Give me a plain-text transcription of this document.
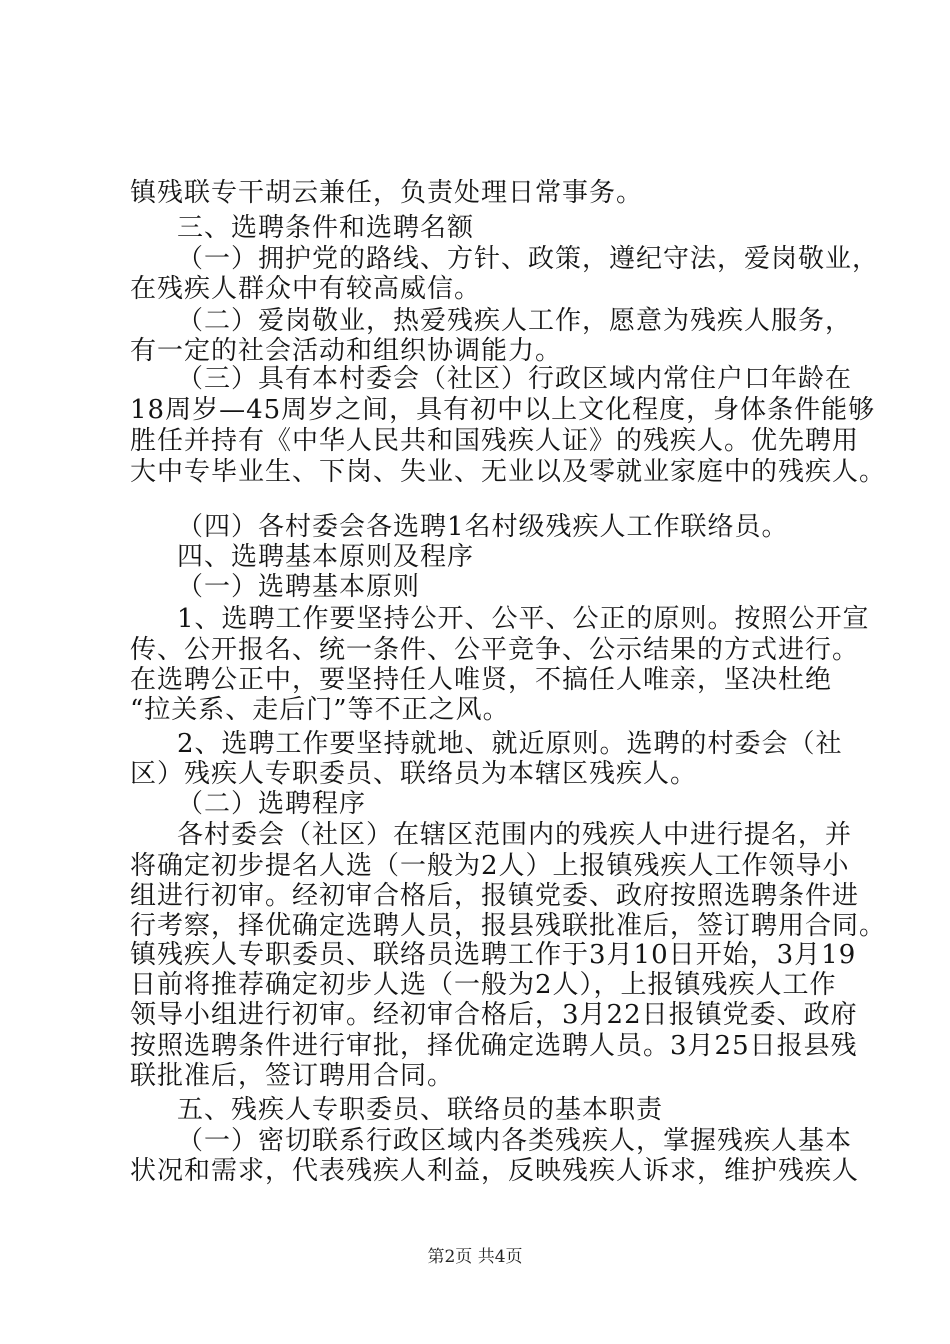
镇残联专干胡云兼任，负责处理日常事务。
三、选聘条件和选聘名额
（一）拥护党的路线、方针、政策，遵纪守法，爱岗敬业，
在残疾人群众中有较高威信。
（二）爱岗敬业，热爱残疾人工作，愿意为残疾人服务，
有一定的社会活动和组织协调能力。
（三）具有本村委会（社区）行政区域内常住户口年龄在
18周岁—45周岁之间，具有初中以上文化程度，身体条件能够
胜任并持有《中华人民共和国残疾人证》的残疾人。优先聘用
大中专毕业生、下岗、失业、无业以及零就业家庭中的残疾人。
（四）各村委会各选聘1名村级残疾人工作联络员。
四、选聘基本原则及程序
（一）选聘基本原则
1、选聘工作要坚持公开、公平、公正的原则。按照公开宣
传、公开报名、统一条件、公平竞争、公示结果的方式进行。
在选聘公正中，要坚持任人唯贤，不搞任人唯亲，坚决杜绝
“拉关系、走后门”等不正之风。
2、选聘工作要坚持就地、就近原则。选聘的村委会（社
区）残疾人专职委员、联络员为本辖区残疾人。
（二）选聘程序
各村委会（社区）在辖区范围内的残疾人中进行提名，并
将确定初步提名人选（一般为2人）上报镇残疾人工作领导小
组进行初审。经初审合格后，报镇党委、政府按照选聘条件进
行考察，择优确定选聘人员，报县残联批准后，签订聘用合同。
镇残疾人专职委员、联络员选聘工作于3月10日开始，3月19
日前将推荐确定初步人选（一般为2人），上报镇残疾人工作
领导小组进行初审。经初审合格后，3月22日报镇党委、政府
按照选聘条件进行审批，择优确定选聘人员。3月25日报县残
联批准后，签订聘用合同。
五、残疾人专职委员、联络员的基本职责
（一）密切联系行政区域内各类残疾人，掌握残疾人基本
状况和需求，代表残疾人利益，反映残疾人诉求，维护残疾人
第2页 共4页
